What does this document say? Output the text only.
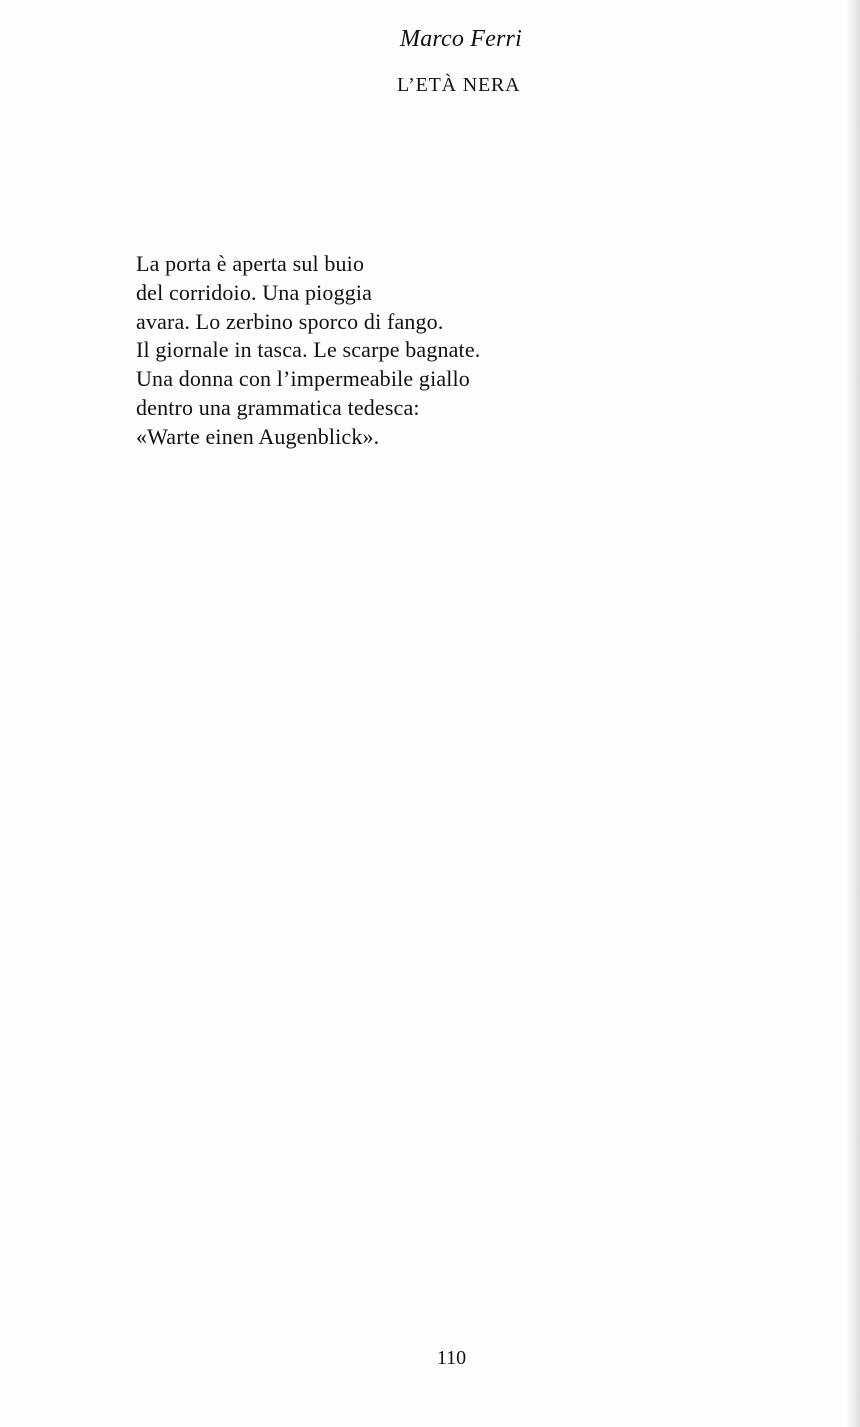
Marco Ferri
L’ETÀ NERA
La porta è aperta sul buio
del corridoio. Una pioggia
avara. Lo zerbino sporco di fango.
Il giornale in tasca. Le scarpe bagnate.
Una donna con l’impermeabile giallo
dentro una grammatica tedesca:
«Warte einen Augenblick».
110
